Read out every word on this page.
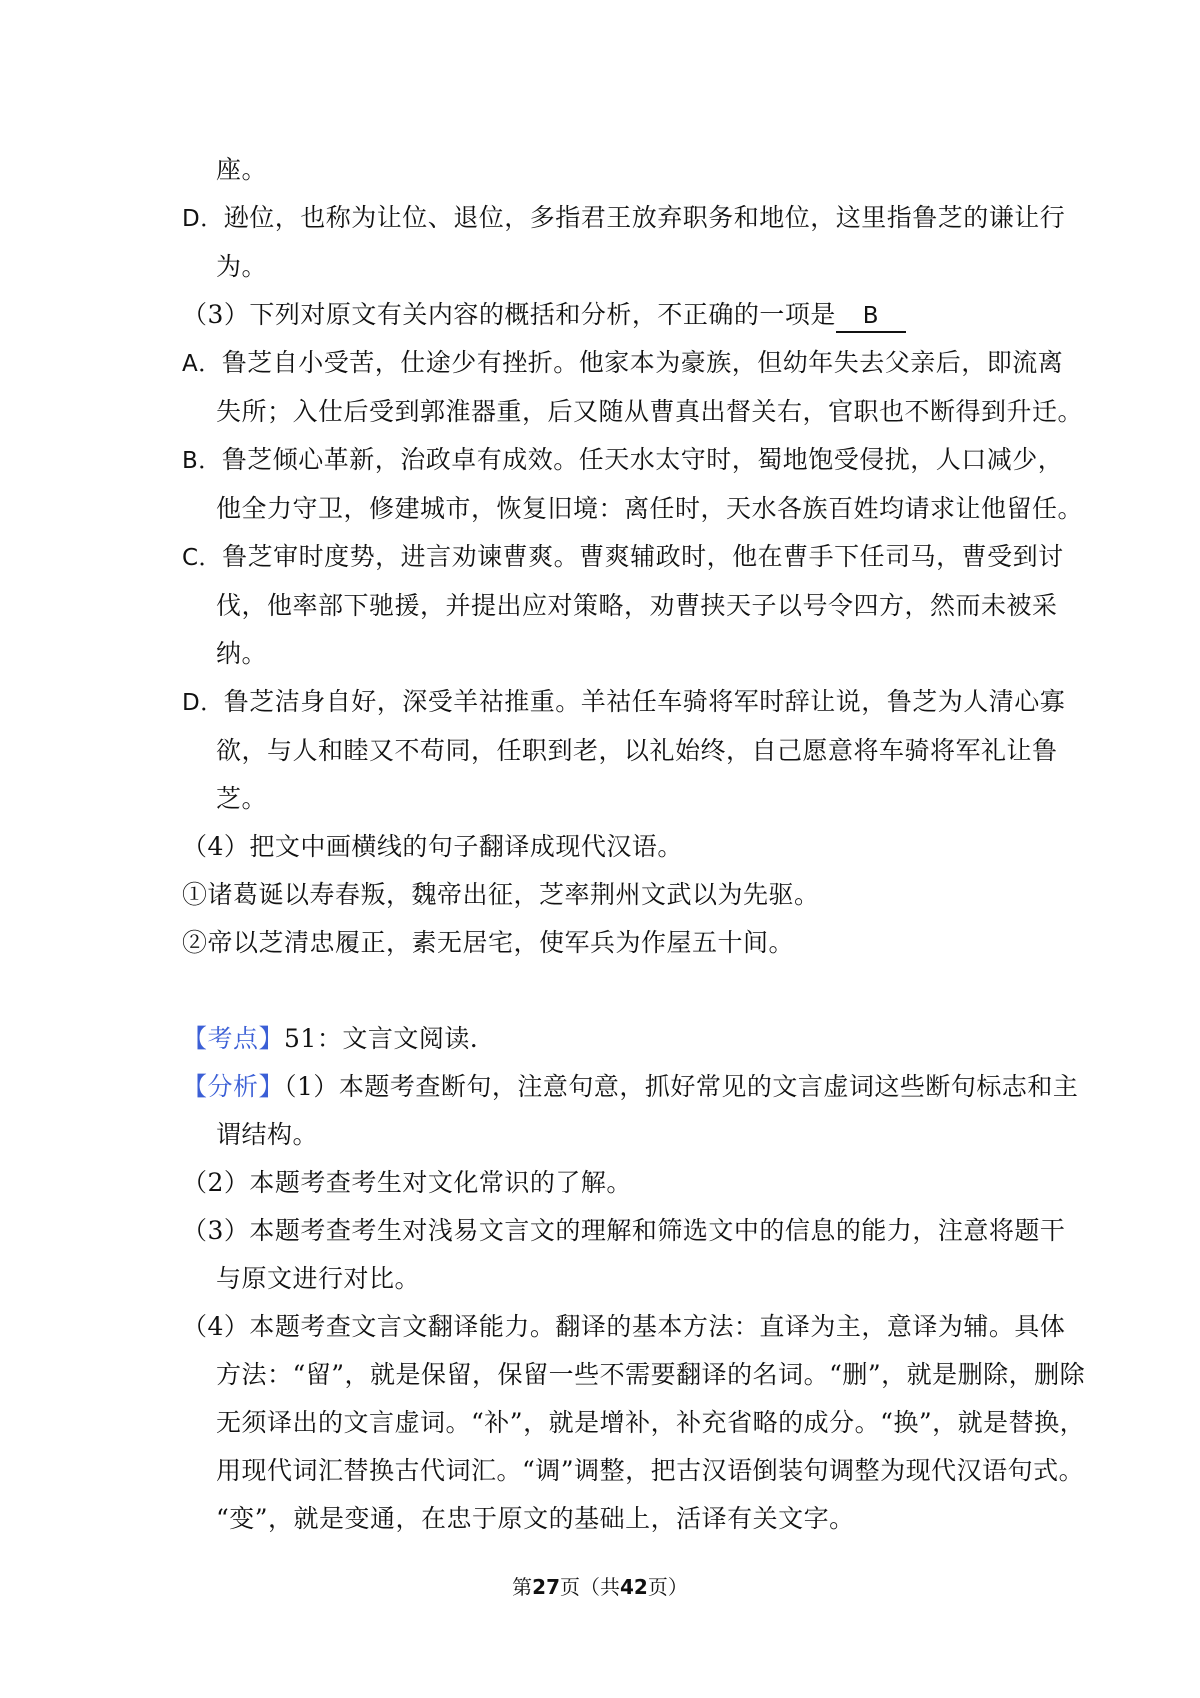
座。
D．逊位，也称为让位、退位，多指君王放弃职务和地位，这里指鲁芝的谦让行
为。
（3）下列对原文有关内容的概括和分析，不正确的一项是 B
A．鲁芝自小受苦，仕途少有挫折。他家本为豪族，但幼年失去父亲后，即流离
失所；入仕后受到郭淮器重，后又随从曹真出督关右，官职也不断得到升迁。
B．鲁芝倾心革新，治政卓有成效。任天水太守时，蜀地饱受侵扰，人口减少，
他全力守卫，修建城市，恢复旧境：离任时，天水各族百姓均请求让他留任。
C．鲁芝审时度势，进言劝谏曹爽。曹爽辅政时，他在曹手下任司马，曹受到讨
伐，他率部下驰援，并提出应对策略，劝曹挟天子以号令四方，然而未被采
纳。
D．鲁芝洁身自好，深受羊祜推重。羊祜任车骑将军时辞让说，鲁芝为人清心寡
欲，与人和睦又不苟同，任职到老，以礼始终，自己愿意将车骑将军礼让鲁
芝。
（4）把文中画横线的句子翻译成现代汉语。
①诸葛诞以寿春叛，魏帝出征，芝率荆州文武以为先驱。
②帝以芝清忠履正，素无居宅，使军兵为作屋五十间。
【考点】51：文言文阅读．
【分析】（1）本题考查断句，注意句意，抓好常见的文言虚词这些断句标志和主
谓结构。
（2）本题考查考生对文化常识的了解。
（3）本题考查考生对浅易文言文的理解和筛选文中的信息的能力，注意将题干
与原文进行对比。
（4）本题考查文言文翻译能力。翻译的基本方法：直译为主，意译为辅。具体
方法：“留”，就是保留，保留一些不需要翻译的名词。“删”，就是删除，删除
无须译出的文言虚词。“补”，就是增补，补充省略的成分。“换”，就是替换，
用现代词汇替换古代词汇。“调”调整，把古汉语倒装句调整为现代汉语句式。
“变”，就是变通，在忠于原文的基础上，活译有关文字。
第27页（共42页）
